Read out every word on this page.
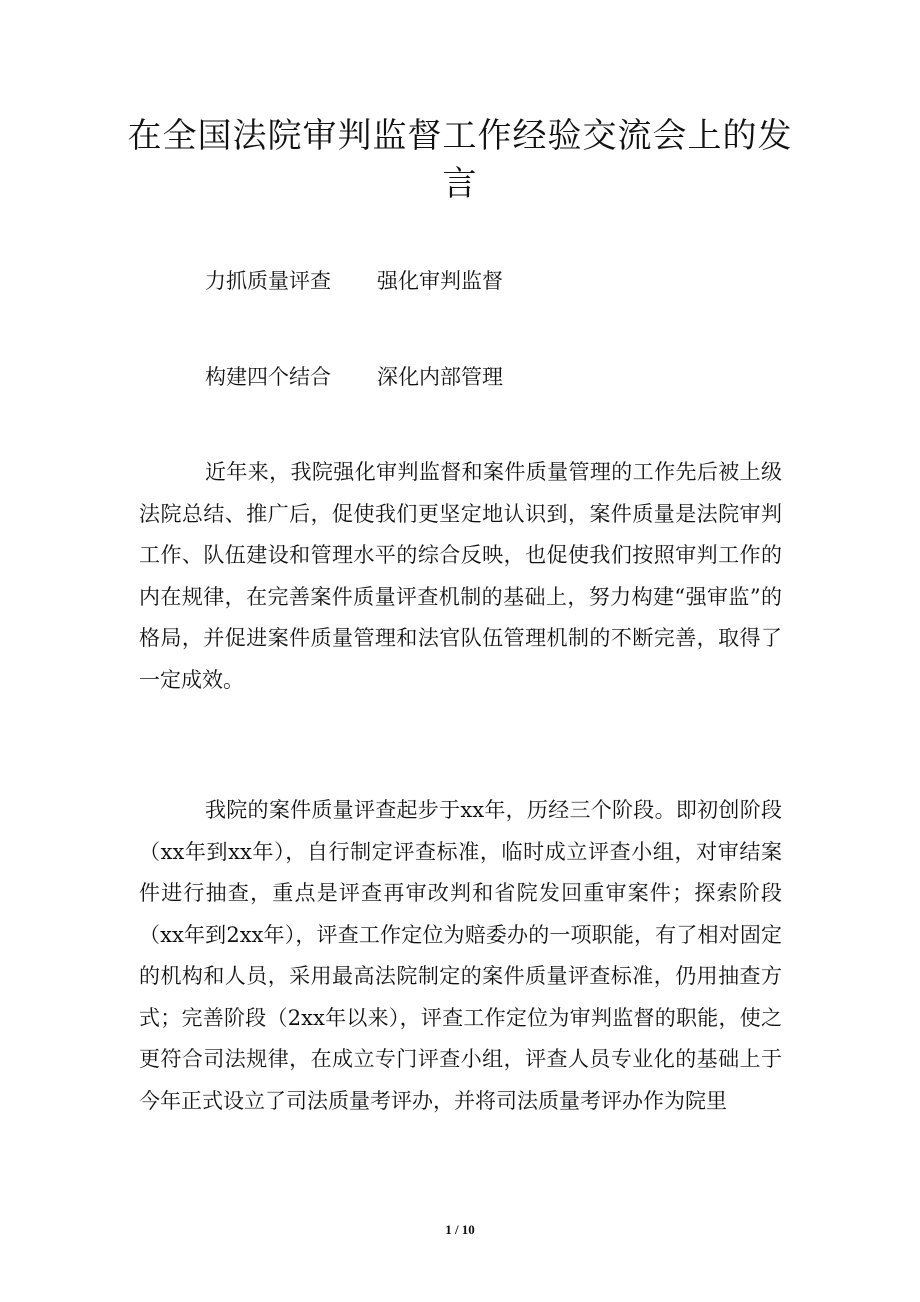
在全国法院审判监督工作经验交流会上的发言
力抓质量评查 强化审判监督
构建四个结合 深化内部管理

近年来，我院强化审判监督和案件质量管理的工作先后被上级法院总结、推广后，促使我们更坚定地认识到，案件质量是法院审判工作、队伍建设和管理水平的综合反映，也促使我们按照审判工作的内在规律，在完善案件质量评查机制的基础上，努力构建“强审监”的格局，并促进案件质量管理和法官队伍管理机制的不断完善，取得了一定成效。

我院的案件质量评查起步于xx年，历经三个阶段。即初创阶段（xx年到xx年），自行制定评查标准，临时成立评查小组，对审结案件进行抽查，重点是评查再审改判和省院发回重审案件；探索阶段（xx年到2xx年），评查工作定位为赔委办的一项职能，有了相对固定的机构和人员，采用最高法院制定的案件质量评查标准，仍用抽查方式；完善阶段（2xx年以来），评查工作定位为审判监督的职能，使之更符合司法规律，在成立专门评查小组，评查人员专业化的基础上于今年正式设立了司法质量考评办，并将司法质量考评办作为院里

1 / 10
